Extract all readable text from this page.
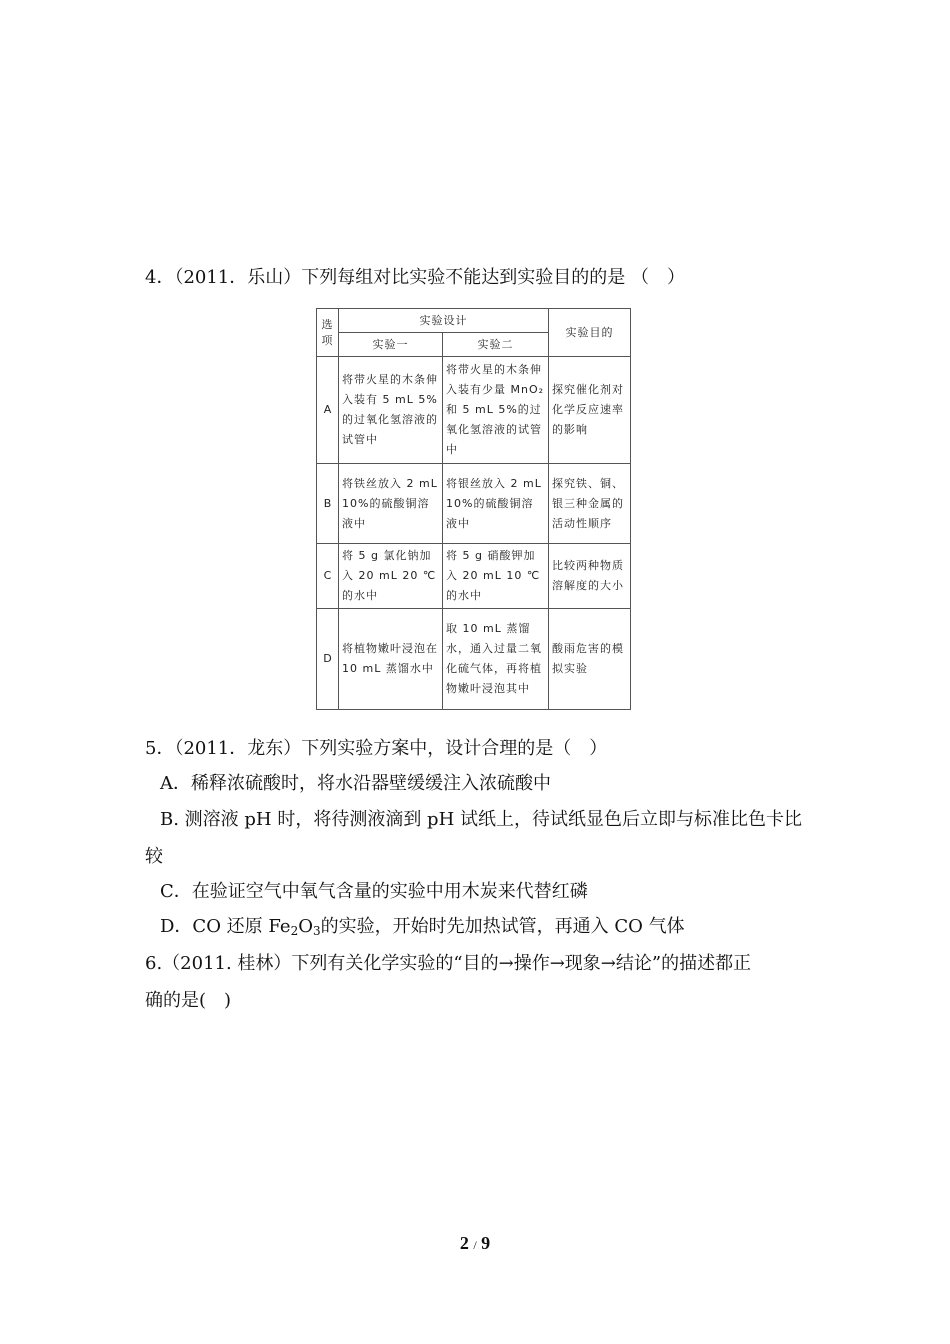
4．（2011．乐山）下列每组对比实验不能达到实验目的的是 （　）
选项	实验设计		实验目的
	实验一	实验二	
A	将带火星的木条伸入装有 5 mL 5%的过氧化氢溶液的试管中	将带火星的木条伸入装有少量 MnO₂ 和 5 mL 5%的过氧化氢溶液的试管中	探究催化剂对化学反应速率的影响
B	将铁丝放入 2 mL 10%的硫酸铜溶液中	将银丝放入 2 mL 10%的硫酸铜溶液中	探究铁、铜、银三种金属的活动性顺序
C	将 5 g 氯化钠加入 20 mL 20 ℃的水中	将 5 g 硝酸钾加入 20 mL 10 ℃的水中	比较两种物质溶解度的大小
D	将植物嫩叶浸泡在 10 mL 蒸馏水中	取 10 mL 蒸馏水，通入过量二氧化硫气体，再将植物嫩叶浸泡其中	酸雨危害的模拟实验
5．（2011．龙东）下列实验方案中，设计合理的是（　）
A．稀释浓硫酸时，将水沿器壁缓缓注入浓硫酸中
B. 测溶液 pH 时，将待测液滴到 pH 试纸上，待试纸显色后立即与标准比色卡比
较
C．在验证空气中氧气含量的实验中用木炭来代替红磷
D．CO 还原 $Fe_2O_3$的实验，开始时先加热试管，再通入 CO 气体
6.（2011. 桂林）下列有关化学实验的“目的→操作→现象→结论”的描述都正
确的是(　)
2 / 9
